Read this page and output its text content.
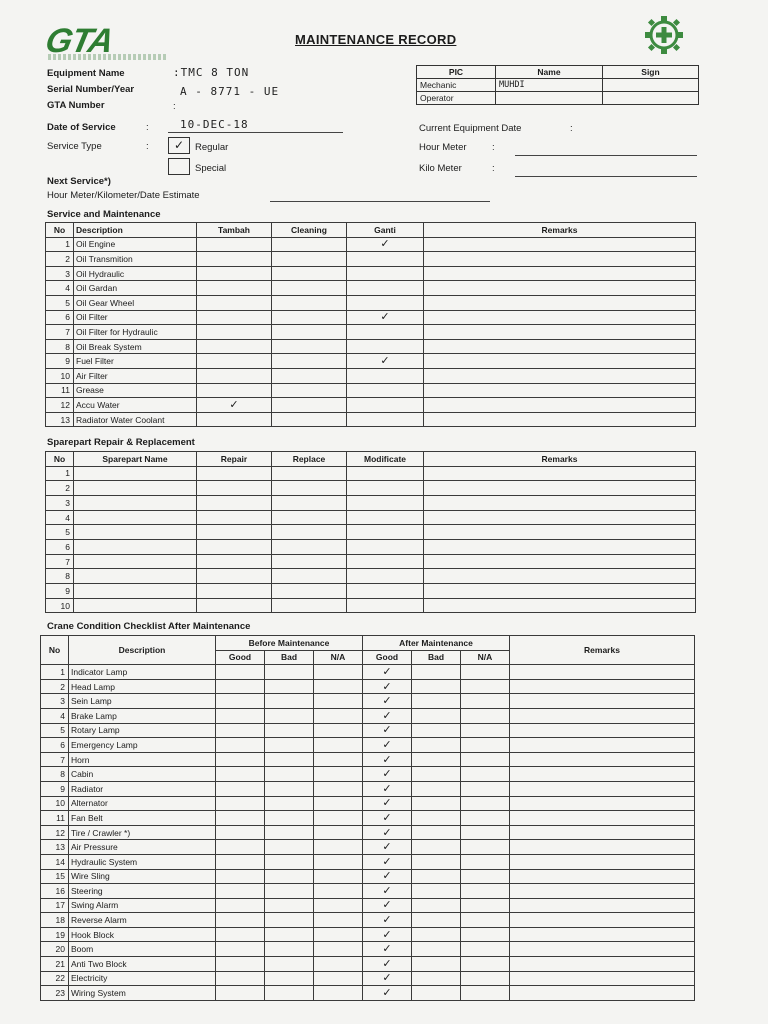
GTA	MAINTENANCE RECORD
Equipment Name	:TMC 8 TON
Serial Number/Year	A - 8771 - UE
GTA Number	:
Date of Service	:	10-DEC-18
Service Type	:	✓	Regular
Special
Next Service*)
Hour Meter/Kilometer/Date Estimate
PIC	Name	Sign
Mechanic	MUHDI	
Operator		
Current Equipment Date	:
Hour Meter	:
Kilo Meter	:
Service and Maintenance
No	Description	Tambah	Cleaning	Ganti	Remarks
1	Oil Engine			✓	
2	Oil Transmition				
3	Oil Hydraulic				
4	Oil Gardan				
5	Oil Gear Wheel				
6	Oil Filter			✓	
7	Oil Filter for Hydraulic				
8	Oil Break System				
9	Fuel Filter			✓	
10	Air Filter				
11	Grease				
12	Accu Water	✓			
13	Radiator Water Coolant				
Sparepart Repair & Replacement
No	Sparepart Name	Repair	Replace	Modificate	Remarks
1					
2					
3					
4					
5					
6					
7					
8					
9					
10					
Crane Condition Checklist After Maintenance
No	Description	Before Maintenance			After Maintenance			Remarks
		Good	Bad	N/A	Good	Bad	N/A	
1	Indicator Lamp				✓			
2	Head Lamp				✓			
3	Sein Lamp				✓			
4	Brake Lamp				✓			
5	Rotary Lamp				✓			
6	Emergency Lamp				✓			
7	Horn				✓			
8	Cabin				✓			
9	Radiator				✓			
10	Alternator				✓			
11	Fan Belt				✓			
12	Tire / Crawler *)				✓			
13	Air Pressure				✓			
14	Hydraulic System				✓			
15	Wire Sling				✓			
16	Steering				✓			
17	Swing Alarm				✓			
18	Reverse Alarm				✓			
19	Hook Block				✓			
20	Boom				✓			
21	Anti Two Block				✓			
22	Electricity				✓			
23	Wiring System				✓			
